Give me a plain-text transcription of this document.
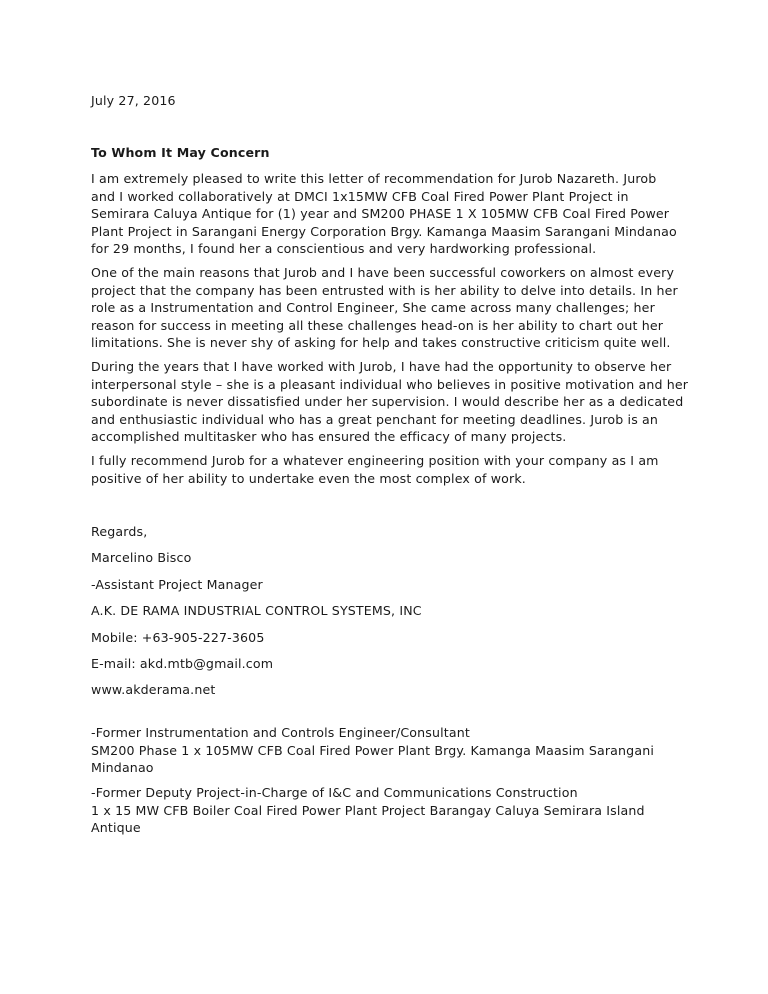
July 27, 2016

To Whom It May Concern

I am extremely pleased to write this letter of recommendation for Jurob Nazareth. Jurob
and I worked collaboratively at DMCI 1x15MW CFB Coal Fired Power Plant Project in
Semirara Caluya Antique for (1) year and SM200 PHASE 1 X 105MW CFB Coal Fired Power
Plant Project in Sarangani Energy Corporation Brgy. Kamanga Maasim Sarangani Mindanao
for 29 months, I found her a conscientious and very hardworking professional.
One of the main reasons that Jurob and I have been successful coworkers on almost every
project that the company has been entrusted with is her ability to delve into details. In her
role as a Instrumentation and Control Engineer, She came across many challenges; her
reason for success in meeting all these challenges head-on is her ability to chart out her
limitations. She is never shy of asking for help and takes constructive criticism quite well.
During the years that I have worked with Jurob, I have had the opportunity to observe her
interpersonal style – she is a pleasant individual who believes in positive motivation and her
subordinate is never dissatisfied under her supervision. I would describe her as a dedicated
and enthusiastic individual who has a great penchant for meeting deadlines. Jurob is an
accomplished multitasker who has ensured the efficacy of many projects.
I fully recommend Jurob for a whatever engineering position with your company as I am
positive of her ability to undertake even the most complex of work.

Regards,

Marcelino Bisco

-Assistant Project Manager

A.K. DE RAMA INDUSTRIAL CONTROL SYSTEMS, INC

Mobile: +63-905-227-3605

E-mail: akd.mtb@gmail.com

www.akderama.net

-Former Instrumentation and Controls Engineer/Consultant
SM200 Phase 1 x 105MW CFB Coal Fired Power Plant Brgy. Kamanga Maasim Sarangani
Mindanao
-Former Deputy Project-in-Charge of I&C and Communications Construction
1 x 15 MW CFB Boiler Coal Fired Power Plant Project Barangay Caluya Semirara Island
Antique
